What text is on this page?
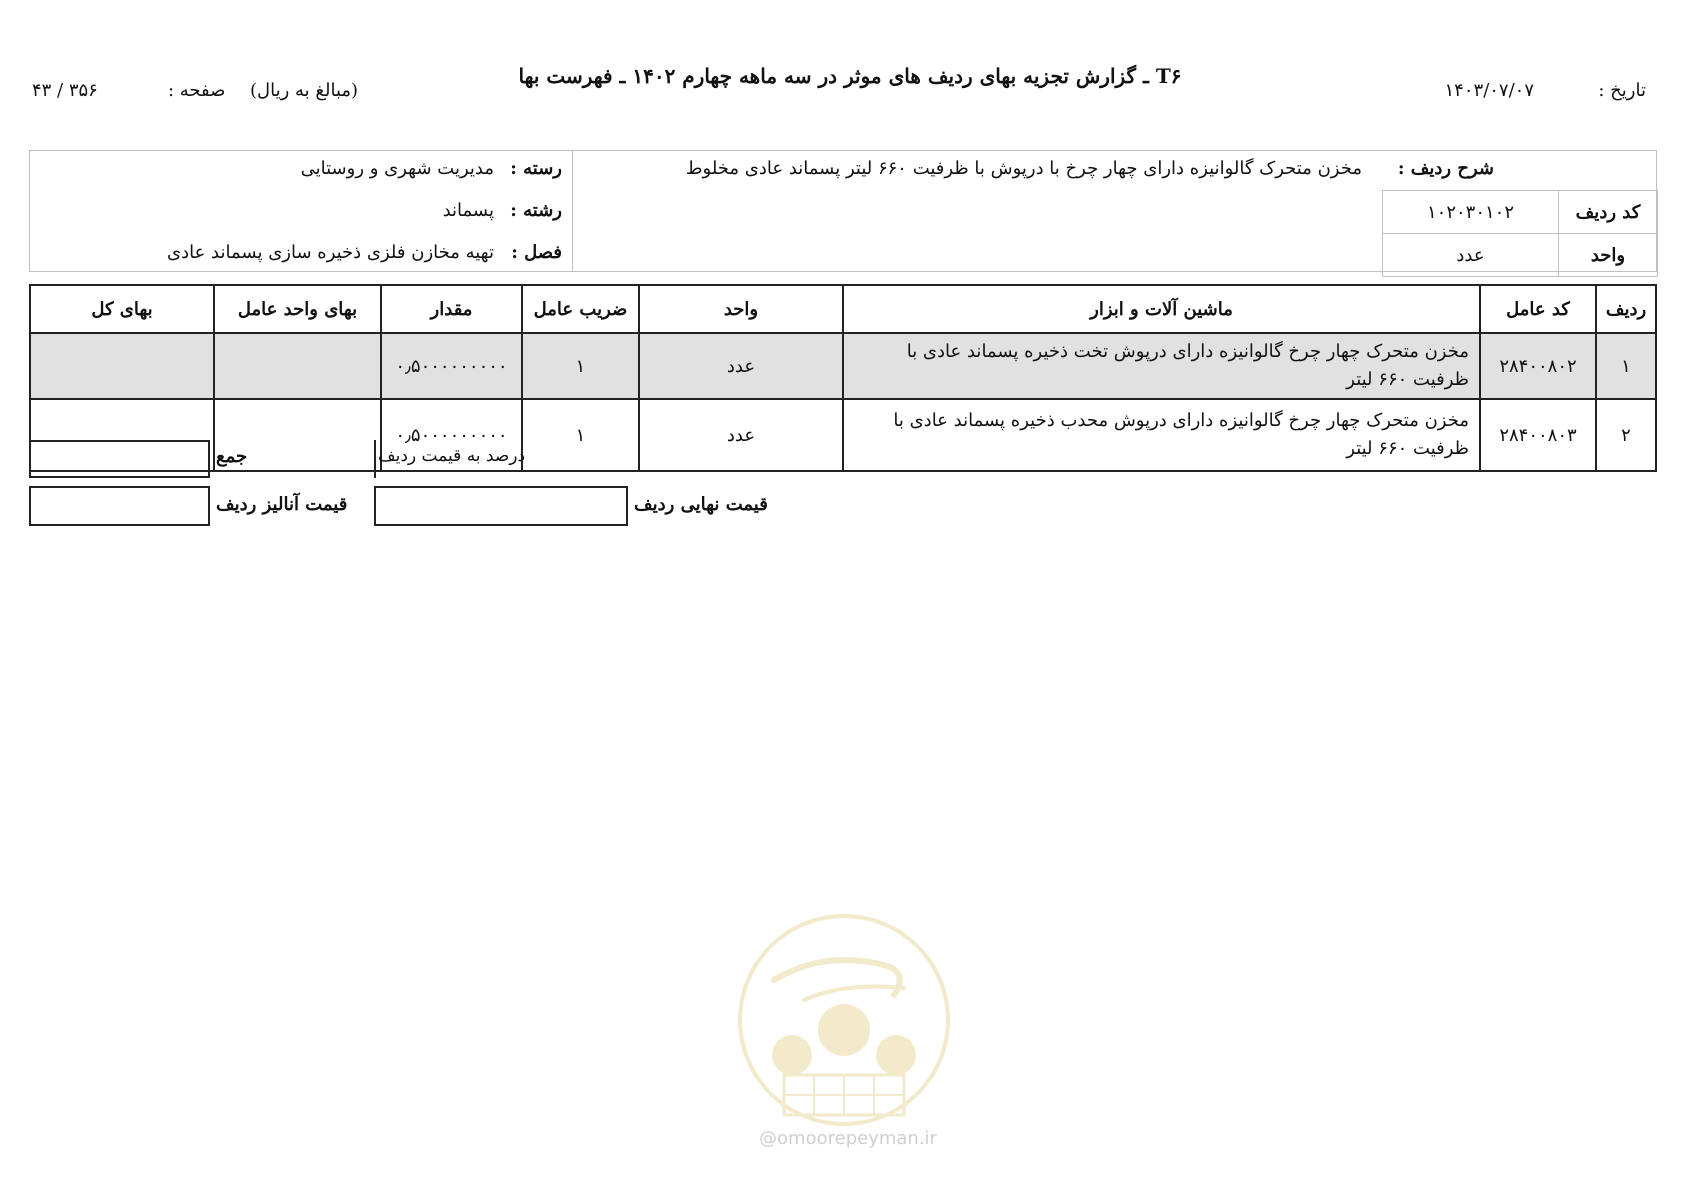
T۶ ـ گزارش تجزیه بهای ردیف های موثر در سه ماهه چهارم ۱۴۰۲ ـ فهرست بها
تاریخ :
۱۴۰۳/۰۷/۰۷
(مبالغ به ریال)
صفحه :
۴۳ / ۳۵۶
شرح ردیف :
مخزن متحرک گالوانیزه دارای چهار چرخ با درپوش با ظرفیت ۶۶۰ لیتر پسماند عادی مخلوط
کد ردیف	۱۰۲۰۳۰۱۰۲
واحد	عدد
رسته :
مدیریت شهری و روستایی
رشته :
پسماند
فصل :
تهیه مخازن فلزی ذخیره سازی پسماند عادی
ردیف	کد عامل	ماشین آلات و ابزار	واحد	ضریب عامل	مقدار	بهای واحد عامل	بهای کل
۱	۲۸۴۰۰۸۰۲	مخزن متحرک چهار چرخ گالوانیزه دارای درپوش تخت ذخیره پسماند عادی با ظرفیت ۶۶۰ لیتر	عدد	۱	۰٫۵۰۰۰۰۰۰۰۰۰		
۲	۲۸۴۰۰۸۰۳	مخزن متحرک چهار چرخ گالوانیزه دارای درپوش محدب ذخیره پسماند عادی با ظرفیت ۶۶۰ لیتر	عدد	۱	۰٫۵۰۰۰۰۰۰۰۰۰		
جمع	درصد به قیمت ردیف
قیمت آنالیز ردیف	قیمت نهایی ردیف
@omoorepeyman.ir
